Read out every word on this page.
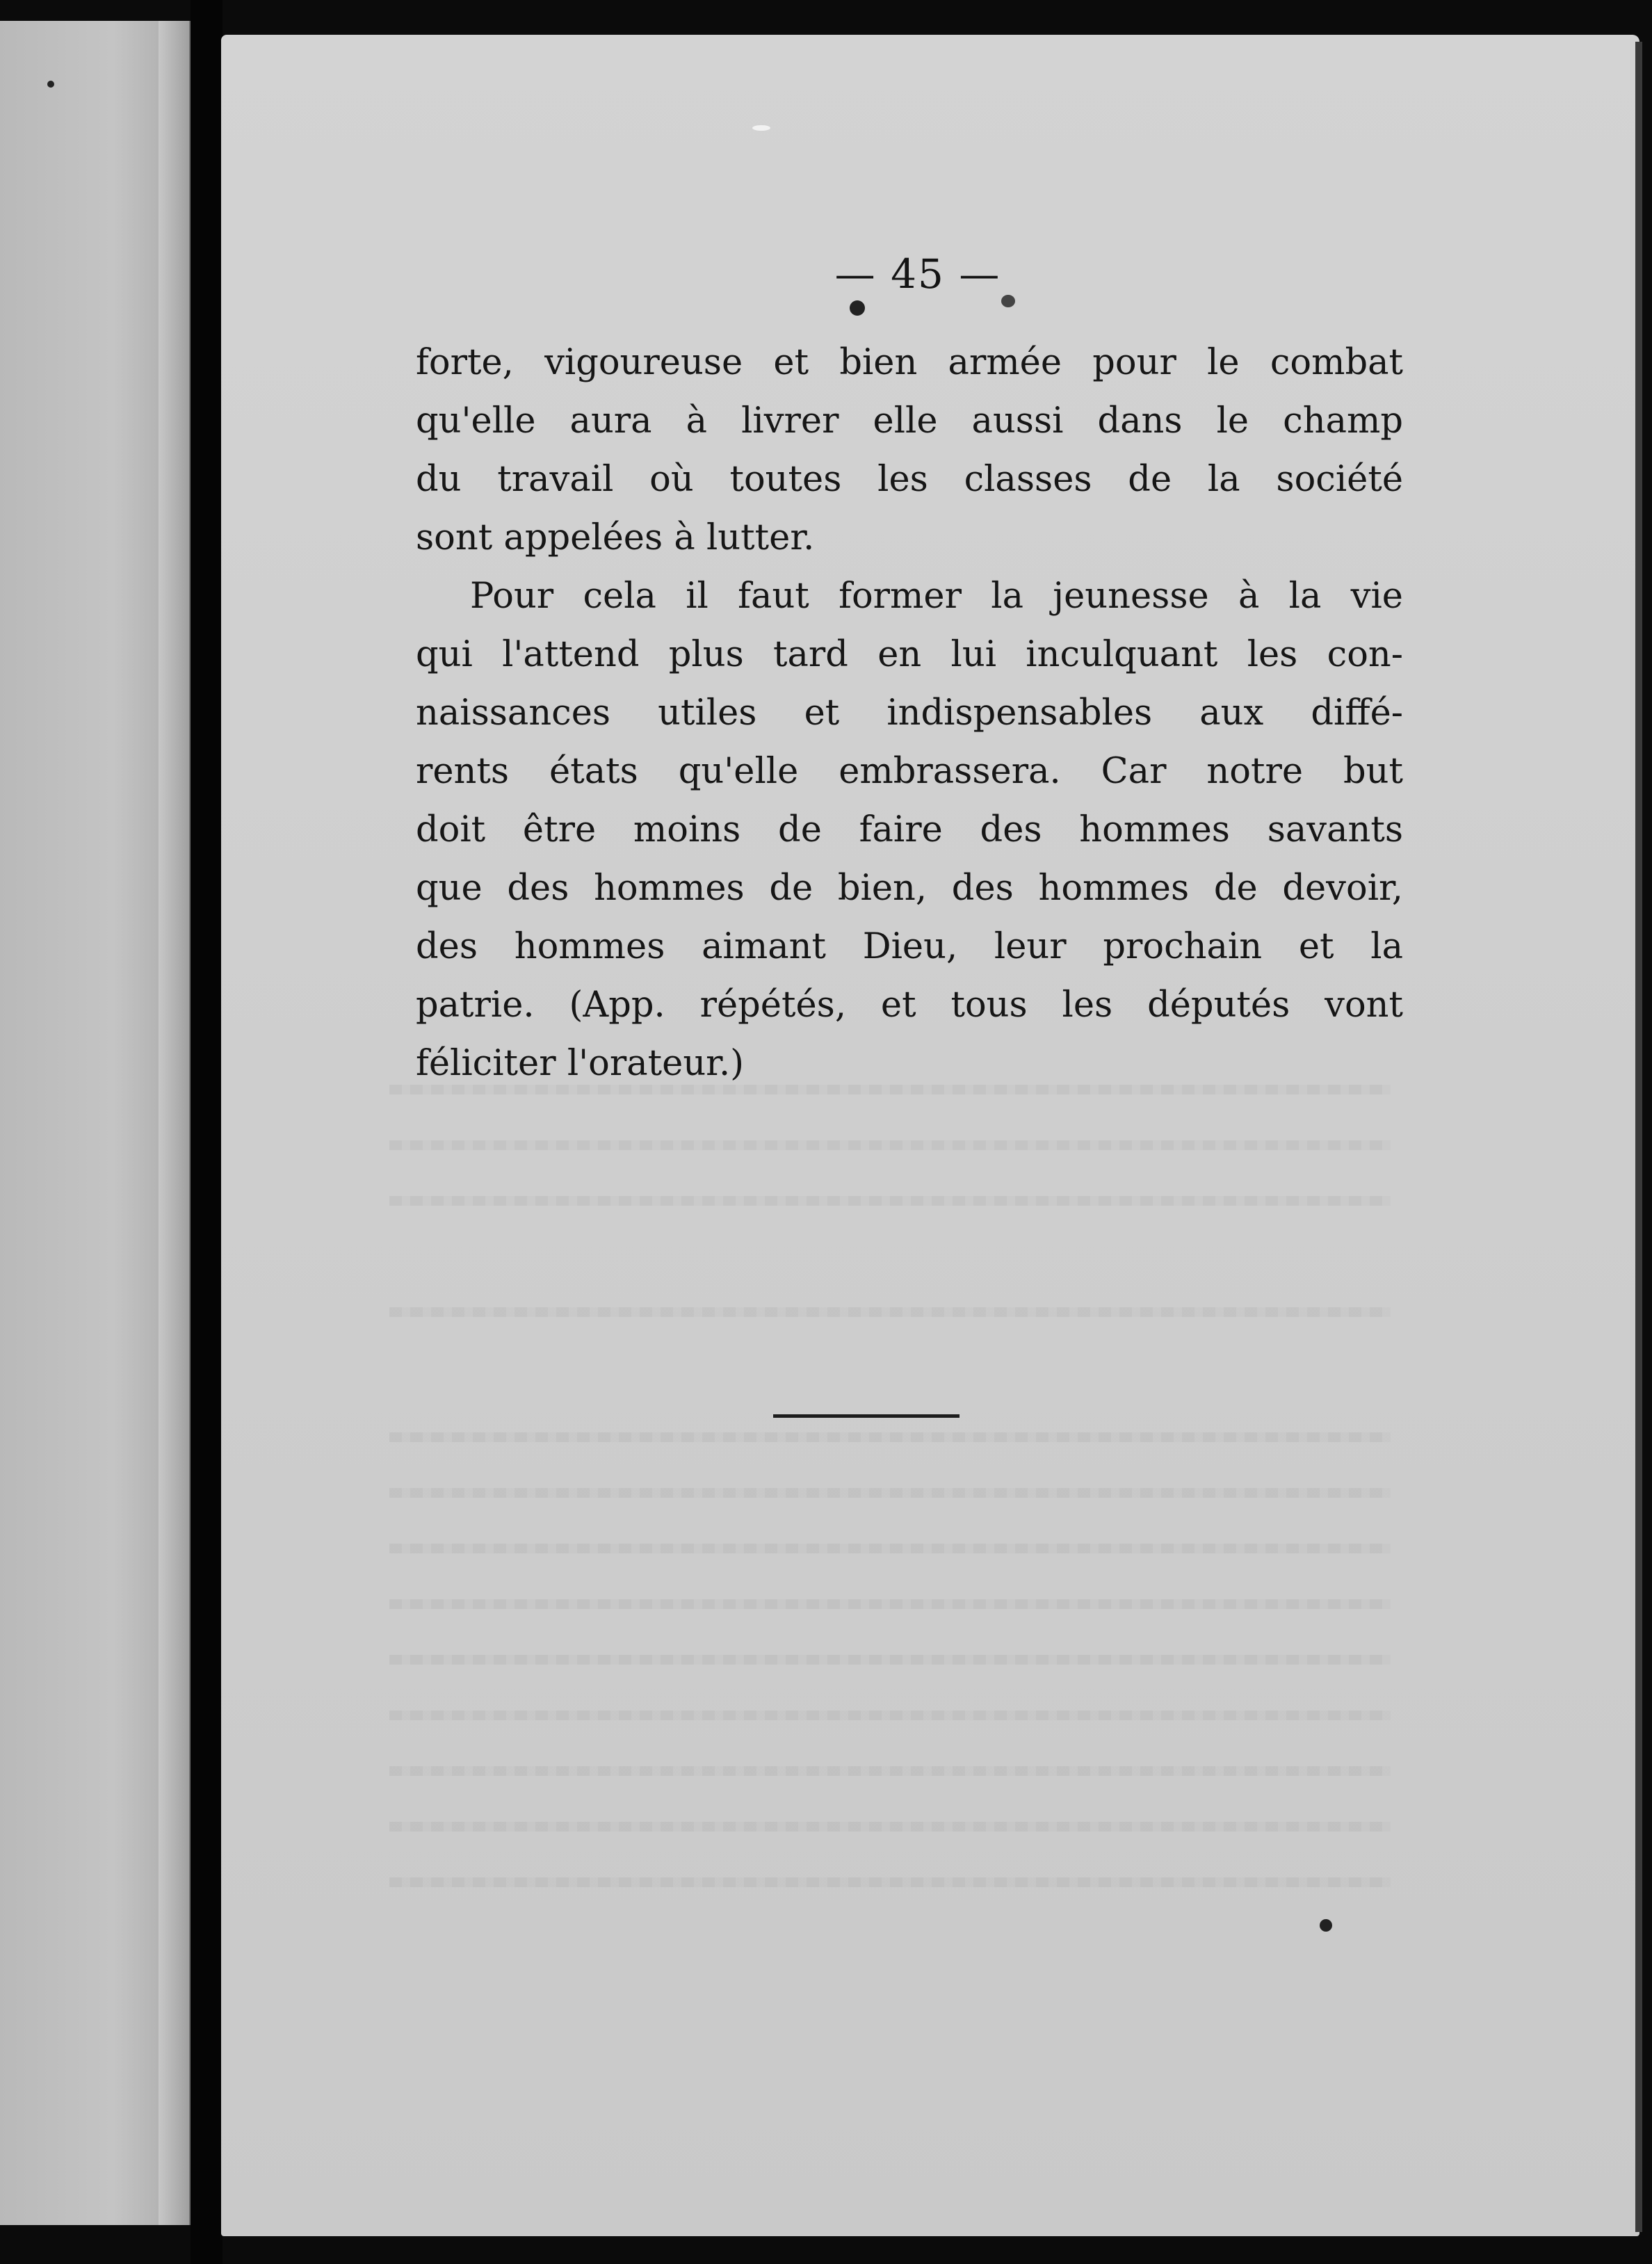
— 45 —
forte, vigoureuse et bien armée pour le combat
qu'elle aura à livrer elle aussi dans le champ
du travail où toutes les classes de la société
sont appelées à lutter.
Pour cela il faut former la jeunesse à la vie
qui l'attend plus tard en lui inculquant les con-
naissances utiles et indispensables aux diffé-
rents états qu'elle embrassera. Car notre but
doit être moins de faire des hommes savants
que des hommes de bien, des hommes de devoir,
des hommes aimant Dieu, leur prochain et la
patrie. (App. répétés, et tous les députés vont
féliciter l'orateur.)
